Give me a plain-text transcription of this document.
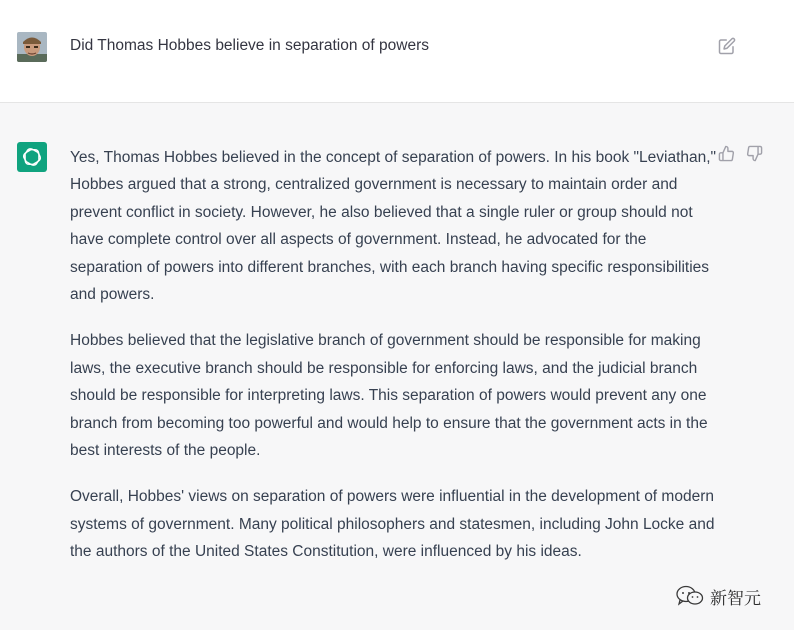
Did Thomas Hobbes believe in separation of powers

Yes, Thomas Hobbes believed in the concept of separation of powers. In his book "Leviathan," Hobbes argued that a strong, centralized government is necessary to maintain order and prevent conflict in society. However, he also believed that a single ruler or group should not have complete control over all aspects of government. Instead, he advocated for the separation of powers into different branches, with each branch having specific responsibilities and powers.

Hobbes believed that the legislative branch of government should be responsible for making laws, the executive branch should be responsible for enforcing laws, and the judicial branch should be responsible for interpreting laws. This separation of powers would prevent any one branch from becoming too powerful and would help to ensure that the government acts in the best interests of the people.

Overall, Hobbes' views on separation of powers were influential in the development of modern systems of government. Many political philosophers and statesmen, including John Locke and the authors of the United States Constitution, were influenced by his ideas.

新智元
